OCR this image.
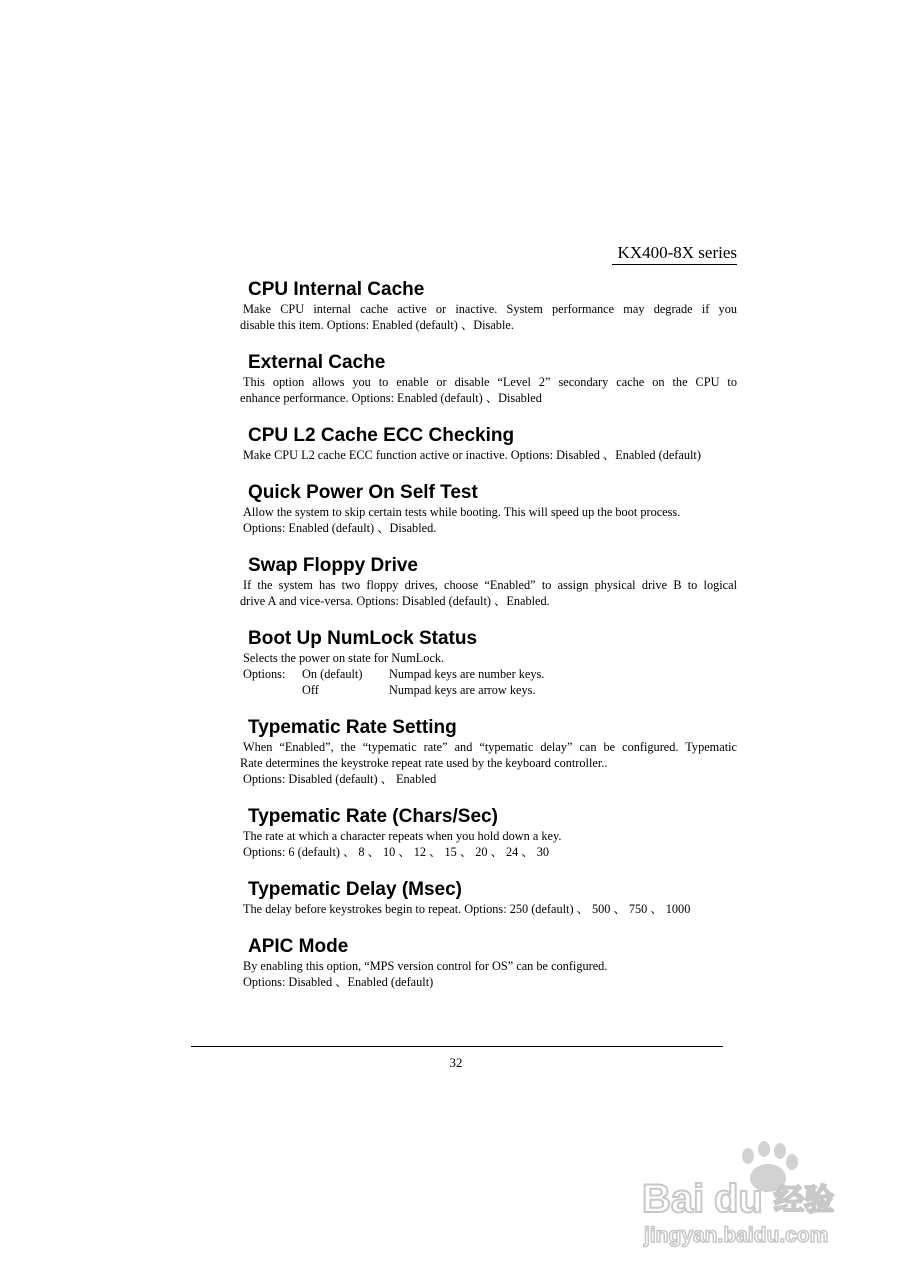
KX400-8X series
CPU Internal Cache
Make CPU internal cache active or inactive. System performance may degrade if you
disable this item. Options: Enabled (default) 、Disable.
External Cache
This option allows you to enable or disable “Level 2” secondary cache on the CPU to
enhance performance. Options: Enabled (default) 、Disabled
CPU L2 Cache ECC Checking
Make CPU L2 cache ECC function active or inactive. Options: Disabled 、Enabled (default)
Quick Power On Self Test
Allow the system to skip certain tests while booting. This will speed up the boot process.
Options: Enabled (default) 、Disabled.
Swap Floppy Drive
If the system has two floppy drives, choose “Enabled” to assign physical drive B to logical
drive A and vice-versa. Options: Disabled (default) 、Enabled.
Boot Up NumLock Status
Selects the power on state for NumLock.
Options: On (default) Numpad keys are number keys.
Off	Numpad keys are arrow keys.
Typematic Rate Setting
When “Enabled”, the “typematic rate” and “typematic delay” can be configured. Typematic
Rate determines the keystroke repeat rate used by the keyboard controller..
Options: Disabled (default) 、 Enabled
Typematic Rate (Chars/Sec)
The rate at which a character repeats when you hold down a key.
Options: 6 (default) 、 8 、 10 、 12 、 15 、 20 、 24 、 30
Typematic Delay (Msec)
The delay before keystrokes begin to repeat. Options: 250 (default) 、 500 、 750 、 1000
APIC Mode
By enabling this option, “MPS version control for OS” can be configured.
Options: Disabled 、Enabled (default)
32
Bai du 经验
jingyan.baidu.com
